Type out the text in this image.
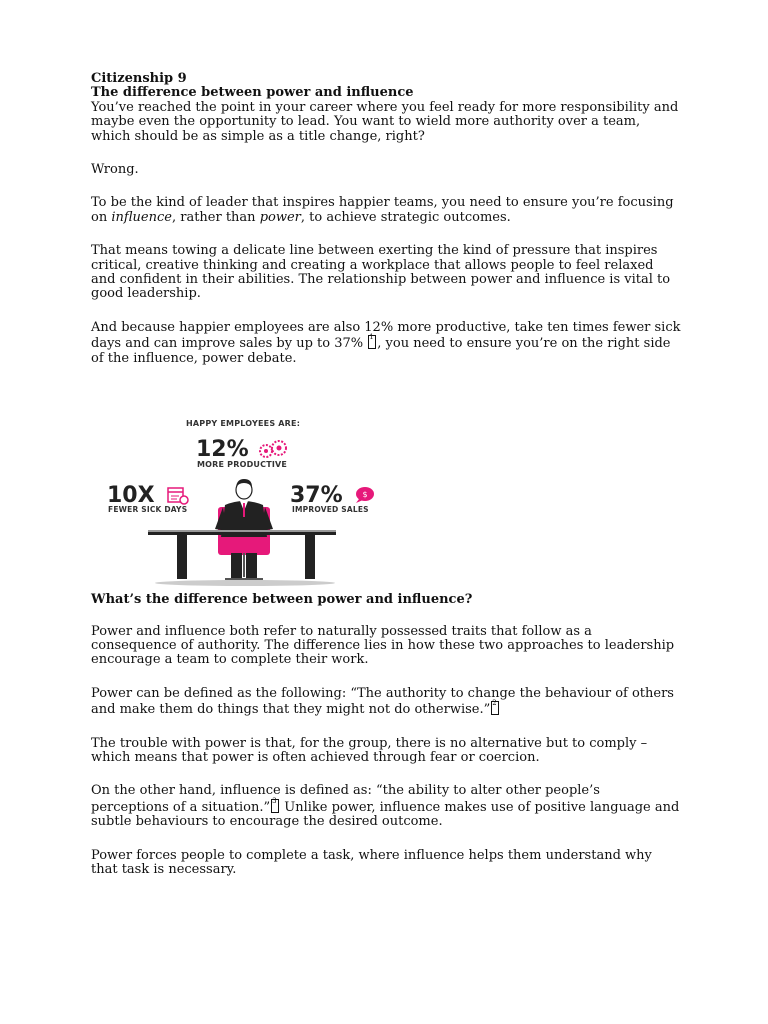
Citizenship 9

The difference between power and influence

You’ve reached the point in your career where you feel ready for more responsibility and maybe even the opportunity to lead. You want to wield more authority over a team, which should be as simple as a title change, right?

Wrong.

To be the kind of leader that inspires happier teams, you need to ensure you’re focusing on influence, rather than power, to achieve strategic outcomes.

That means towing a delicate line between exerting the kind of pressure that inspires critical, creative thinking and creating a workplace that allows people to feel relaxed and confident in their abilities. The relationship between power and influence is vital to good leadership.

And because happier employees are also 12% more productive, take ten times fewer sick days and can improve sales by up to 37% 1 , you need to ensure you’re on the right side of the influence, power debate.

What’s the difference between power and influence?

Power and influence both refer to naturally possessed traits that follow as a consequence of authority. The difference lies in how these two approaches to leadership encourage a team to complete their work.

Power can be defined as the following: “The authority to change the behaviour of others and make them do things that they might not do otherwise.” 2

The trouble with power is that, for the group, there is no alternative but to comply – which means that power is often achieved through fear or coercion.

On the other hand, influence is defined as: “the ability to alter other people’s perceptions of a situation.” 3 Unlike power, influence makes use of positive language and subtle behaviours to encourage the desired outcome.

Power forces people to complete a task, where influence helps them understand why that task is necessary.

HAPPY EMPLOYEES ARE:
12%
MORE PRODUCTIVE
10X
FEWER SICK DAYS
37% $
IMPROVED SALES
